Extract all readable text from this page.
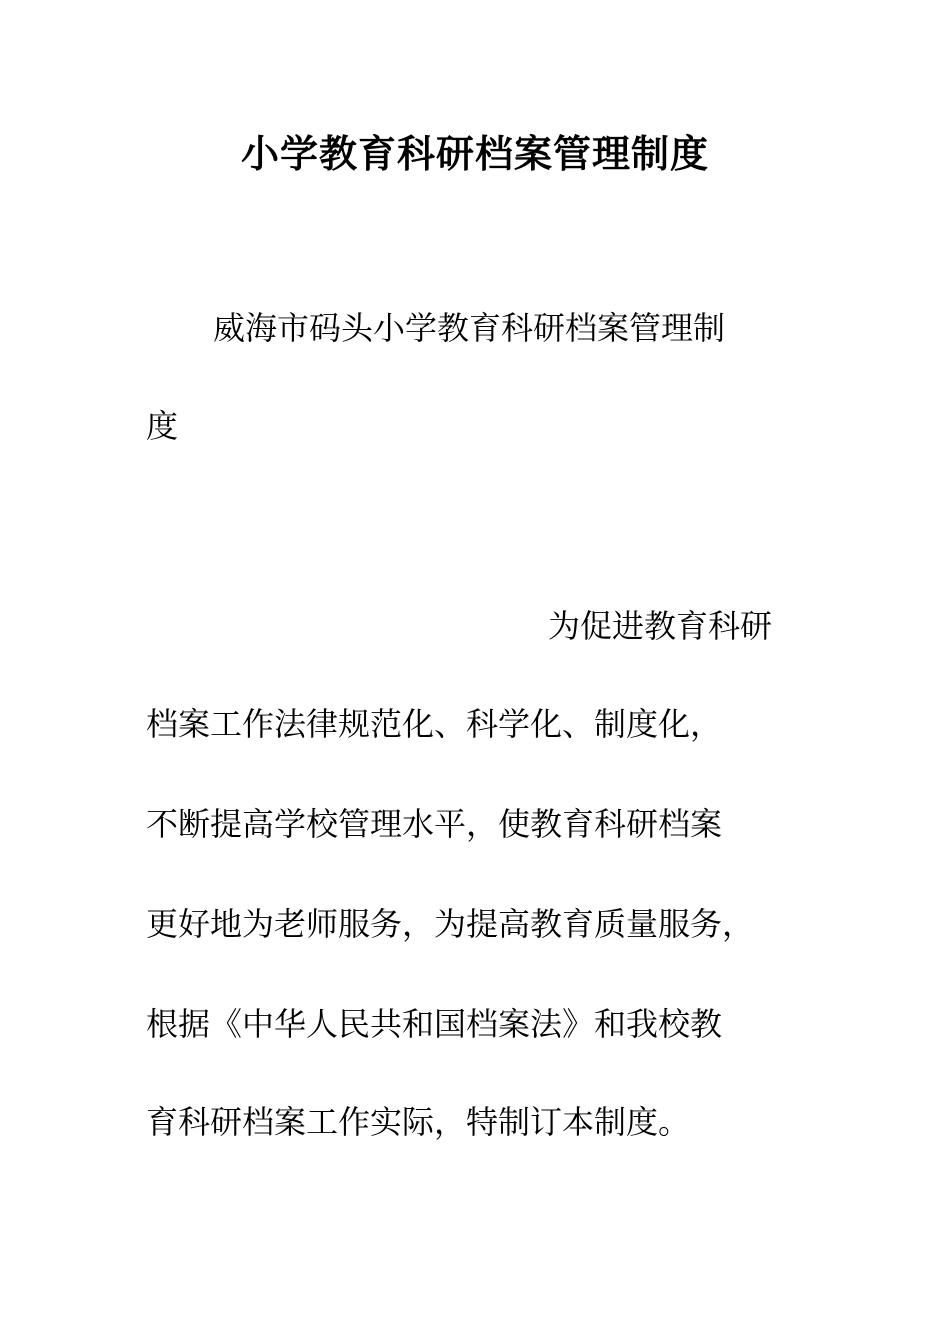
小学教育科研档案管理制度
威海市码头小学教育科研档案管理制
度
为促进教育科研
档案工作法律规范化、科学化、制度化，
不断提高学校管理水平，使教育科研档案
更好地为老师服务，为提高教育质量服务，
根据《中华人民共和国档案法》和我校教
育科研档案工作实际，特制订本制度。
